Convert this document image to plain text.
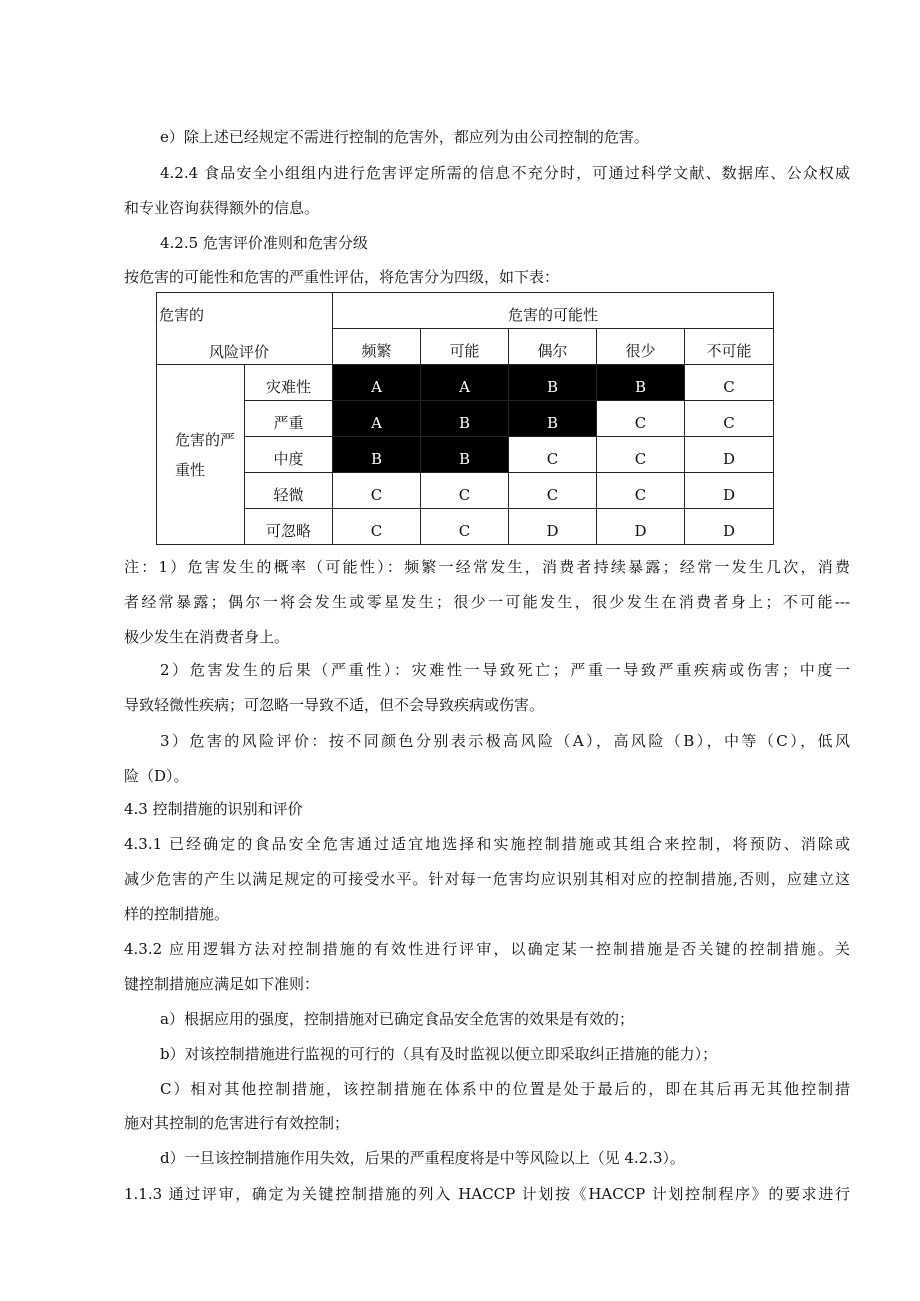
e）除上述已经规定不需进行控制的危害外，都应列为由公司控制的危害。
4.2.4 食品安全小组组内进行危害评定所需的信息不充分时，可通过科学文献、数据库、公众权威
和专业咨询获得额外的信息。
4.2.5 危害评价准则和危害分级
按危害的可能性和危害的严重性评估，将危害分为四级，如下表：
危害的
风险评价		危害的可能性				
		频繁	可能	偶尔	很少	不可能

危害的严
重性	灾难性	A	A	B	B	C
	严重	A	B	B	C	C
	中度	B	B	C	C	D
	轻微	C	C	C	C	D
	可忽略	C	C	D	D	D
注：1）危害发生的概率（可能性）：频繁一经常发生，消费者持续暴露；经常一发生几次，消费
者经常暴露；偶尔一将会发生或零星发生；很少一可能发生，很少发生在消费者身上；不可能---
极少发生在消费者身上。
2）危害发生的后果（严重性）：灾难性一导致死亡；严重一导致严重疾病或伤害；中度一
导致轻微性疾病；可忽略一导致不适，但不会导致疾病或伤害。
3）危害的风险评价：按不同颜色分别表示极高风险（A），高风险（B），中等（C），低风
险（D）。
4.3 控制措施的识别和评价
4.3.1 已经确定的食品安全危害通过适宜地选择和实施控制措施或其组合来控制，将预防、消除或
减少危害的产生以满足规定的可接受水平。针对每一危害均应识别其相对应的控制措施,否则，应建立这
样的控制措施。
4.3.2 应用逻辑方法对控制措施的有效性进行评审，以确定某一控制措施是否关键的控制措施。关
键控制措施应满足如下准则：
a）根据应用的强度，控制措施对已确定食品安全危害的效果是有效的；
b）对该控制措施进行监视的可行的（具有及时监视以便立即采取纠正措施的能力）；
C）相对其他控制措施，该控制措施在体系中的位置是处于最后的，即在其后再无其他控制措
施对其控制的危害进行有效控制；
d）一旦该控制措施作用失效，后果的严重程度将是中等风险以上（见 4.2.3）。
1.1.3 通过评审，确定为关键控制措施的列入 HACCP 计划按《HACCP 计划控制程序》的要求进行
